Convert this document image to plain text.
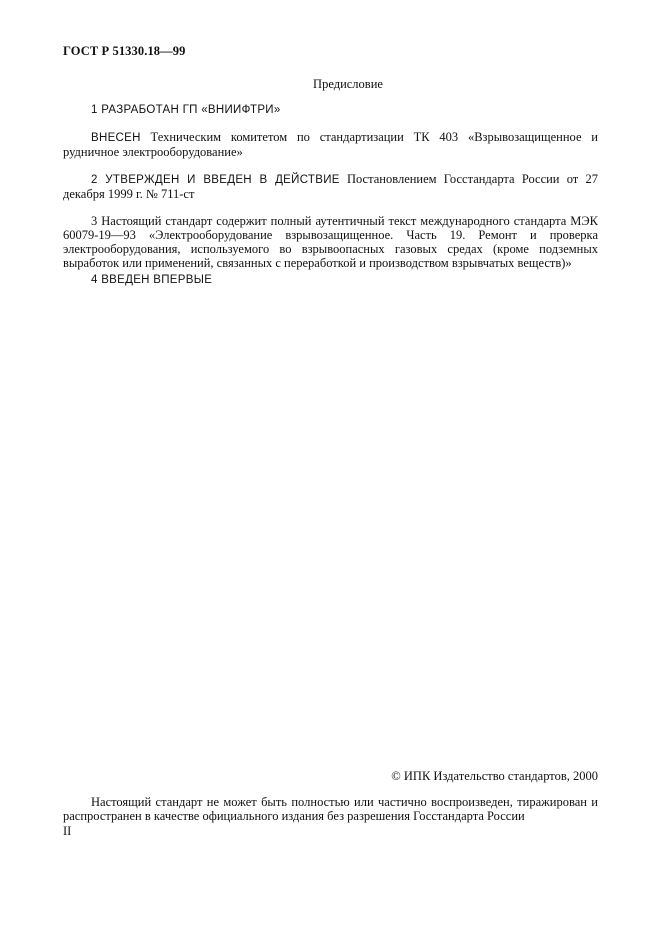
ГОСТ Р 51330.18—99
Предисловие
1 РАЗРАБОТАН ГП «ВНИИФТРИ»
ВНЕСЕН Техническим комитетом по стандартизации ТК 403 «Взрывозащищенное и рудничное электрооборудование»
2 УТВЕРЖДЕН И ВВЕДЕН В ДЕЙСТВИЕ Постановлением Госстандарта России от 27 декабря 1999 г. № 711-ст
3 Настоящий стандарт содержит полный аутентичный текст международного стандарта МЭК 60079-19—93 «Электрооборудование взрывозащищенное. Часть 19. Ремонт и проверка электрооборудования, используемого во взрывоопасных газовых средах (кроме подземных выработок или применений, связанных с переработкой и производством взрывчатых веществ)»
4 ВВЕДЕН ВПЕРВЫЕ
© ИПК Издательство стандартов, 2000
Настоящий стандарт не может быть полностью или частично воспроизведен, тиражирован и распространен в качестве официального издания без разрешения Госстандарта России
II
